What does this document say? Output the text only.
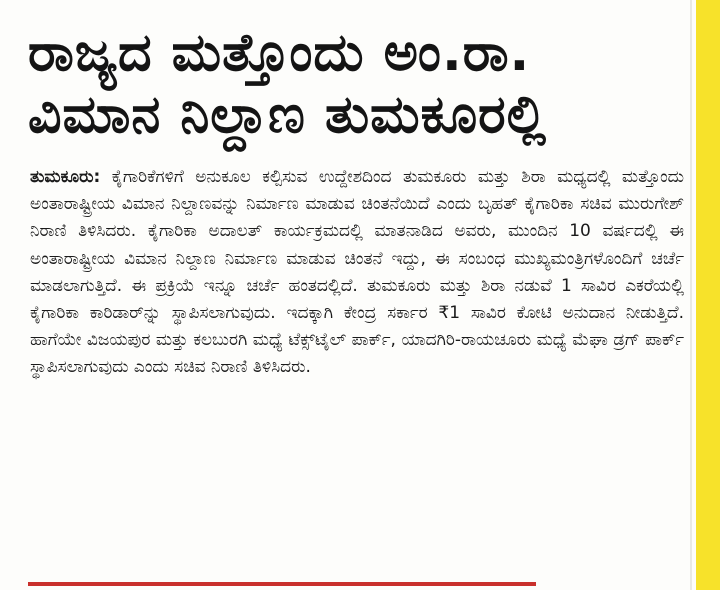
ರಾಜ್ಯದ ಮತ್ತೊಂದು ಅಂ.ರಾ.
ವಿಮಾನ ನಿಲ್ದಾಣ ತುಮಕೂರಲ್ಲಿ

ತುಮಕೂರು: ಕೈಗಾರಿಕೆಗಳಿಗೆ ಅನುಕೂಲ ಕಲ್ಪಿಸುವ ಉದ್ದೇಶದಿಂದ ತುಮಕೂರು ಮತ್ತು ಶಿರಾ ಮಧ್ಯದಲ್ಲಿ ಮತ್ತೊಂದು ಅಂತಾರಾಷ್ಟ್ರೀಯ ವಿಮಾನ ನಿಲ್ದಾಣವನ್ನು ನಿರ್ಮಾಣ ಮಾಡುವ ಚಿಂತನೆಯಿದೆ ಎಂದು ಬೃಹತ್ ಕೈಗಾರಿಕಾ ಸಚಿವ ಮುರುಗೇಶ್ ನಿರಾಣಿ ತಿಳಿಸಿದರು. ಕೈಗಾರಿಕಾ ಅದಾಲತ್ ಕಾರ್ಯಕ್ರಮದಲ್ಲಿ ಮಾತನಾಡಿದ ಅವರು, ಮುಂದಿನ 10 ವರ್ಷದಲ್ಲಿ ಈ ಅಂತಾರಾಷ್ಟ್ರೀಯ ವಿಮಾನ ನಿಲ್ದಾಣ ನಿರ್ಮಾಣ ಮಾಡುವ ಚಿಂತನೆ ಇದ್ದು, ಈ ಸಂಬಂಧ ಮುಖ್ಯಮಂತ್ರಿಗಳೊಂದಿಗೆ ಚರ್ಚೆ ಮಾಡಲಾಗುತ್ತಿದೆ. ಈ ಪ್ರಕ್ರಿಯೆ ಇನ್ನೂ ಚರ್ಚೆ ಹಂತದಲ್ಲಿದೆ. ತುಮಕೂರು ಮತ್ತು ಶಿರಾ ನಡುವೆ 1 ಸಾವಿರ ಎಕರೆಯಲ್ಲಿ ಕೈಗಾರಿಕಾ ಕಾರಿಡಾರ್‌ನ್ನು ಸ್ಥಾಪಿಸಲಾಗುವುದು. ಇದಕ್ಕಾಗಿ ಕೇಂದ್ರ ಸರ್ಕಾರ ₹1 ಸಾವಿರ ಕೋಟಿ ಅನುದಾನ ನೀಡುತ್ತಿದೆ. ಹಾಗೆಯೇ ವಿಜಯಪುರ ಮತ್ತು ಕಲಬುರಗಿ ಮಧ್ಯೆ ಟೆಕ್ಸ್‌ಟೈಲ್ ಪಾರ್ಕ್, ಯಾದಗಿರಿ-ರಾಯಚೂರು ಮಧ್ಯೆ ಮೆಘಾ ಡ್ರಗ್ ಪಾರ್ಕ್ ಸ್ಥಾಪಿಸಲಾಗುವುದು ಎಂದು ಸಚಿವ ನಿರಾಣಿ ತಿಳಿಸಿದರು.
